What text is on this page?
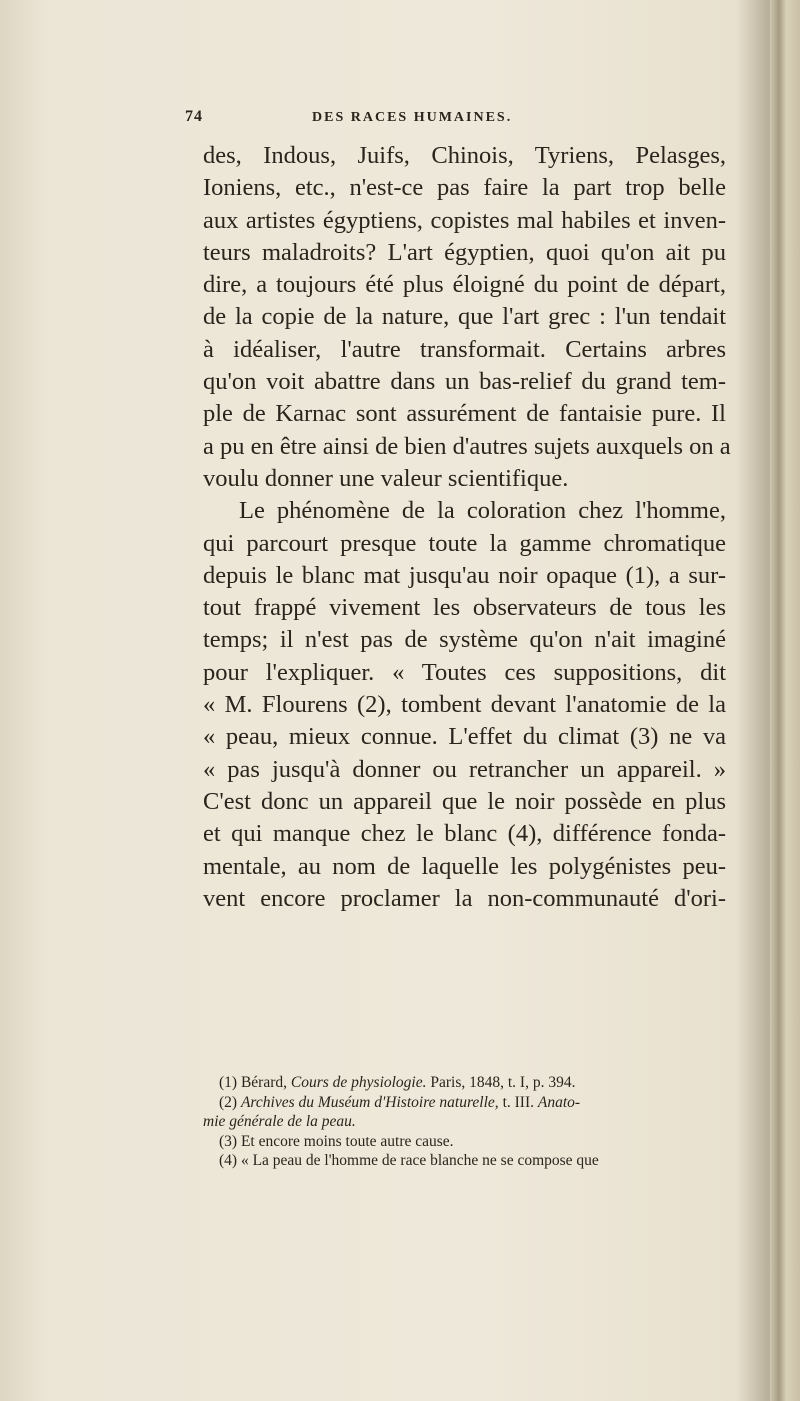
74	DES RACES HUMAINES.
des, Indous, Juifs, Chinois, Tyriens, Pelasges,
Ioniens, etc., n'est-ce pas faire la part trop belle
aux artistes égyptiens, copistes mal habiles et inven-
teurs maladroits? L'art égyptien, quoi qu'on ait pu
dire, a toujours été plus éloigné du point de départ,
de la copie de la nature, que l'art grec : l'un tendait
à idéaliser, l'autre transformait. Certains arbres
qu'on voit abattre dans un bas-relief du grand tem-
ple de Karnac sont assurément de fantaisie pure. Il
a pu en être ainsi de bien d'autres sujets auxquels on a
voulu donner une valeur scientifique.
Le phénomène de la coloration chez l'homme,
qui parcourt presque toute la gamme chromatique
depuis le blanc mat jusqu'au noir opaque (1), a sur-
tout frappé vivement les observateurs de tous les
temps; il n'est pas de système qu'on n'ait imaginé
pour l'expliquer. « Toutes ces suppositions, dit
« M. Flourens (2), tombent devant l'anatomie de la
« peau, mieux connue. L'effet du climat (3) ne va
« pas jusqu'à donner ou retrancher un appareil. »
C'est donc un appareil que le noir possède en plus
et qui manque chez le blanc (4), différence fonda-
mentale, au nom de laquelle les polygénistes peu-
vent encore proclamer la non-communauté d'ori-
(1) Bérard, Cours de physiologie. Paris, 1848, t. I, p. 394.
(2) Archives du Muséum d'Histoire naturelle, t. III. Anato-
mie générale de la peau.
(3) Et encore moins toute autre cause.
(4) « La peau de l'homme de race blanche ne se compose que
